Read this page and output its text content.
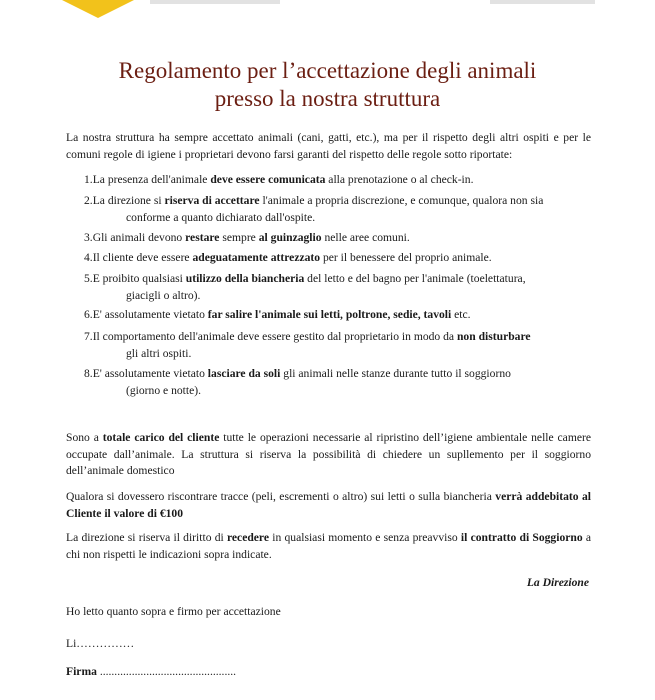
Regolamento per l’accettazione degli animali
presso la nostra struttura
La nostra struttura ha sempre accettato animali (cani, gatti, etc.), ma per il rispetto degli altri ospiti e per le comuni regole di igiene i proprietari devono farsi garanti del rispetto delle regole sotto riportate:
1.La presenza dell'animale deve essere comunicata alla prenotazione o al check-in.
2.La direzione si riserva di accettare l'animale a propria discrezione, e comunque, qualora non sia
conforme a quanto dichiarato dall'ospite.
3.Gli animali devono restare sempre al guinzaglio nelle aree comuni.
4.Il cliente deve essere adeguatamente attrezzato per il benessere del proprio animale.
5.E proibito qualsiasi utilizzo della biancheria del letto e del bagno per l'animale (toelettatura,
giacigli o altro).
6.E' assolutamente vietato far salire l'animale sui letti, poltrone, sedie, tavoli etc.
7.Il comportamento dell'animale deve essere gestito dal proprietario in modo da non disturbare
gli altri ospiti.
8.E' assolutamente vietato lasciare da soli gli animali nelle stanze durante tutto il soggiorno
(giorno e notte).
Sono a totale carico del cliente tutte le operazioni necessarie al ripristino dell’igiene ambientale nelle camere occupate dall’animale. La struttura si riserva la possibilità di chiedere un supllemento per il soggiorno dell’animale domestico
Qualora si dovessero riscontrare tracce (peli, escrementi o altro) sui letti o sulla biancheria verrà addebitato al Cliente il valore di €100
La direzione si riserva il diritto di recedere in qualsiasi momento e senza preavviso il contratto di Soggiorno a chi non rispetti le indicazioni sopra indicate.
La Direzione
Ho letto quanto sopra e firmo per accettazione
Li……………
Firma ...............................................
